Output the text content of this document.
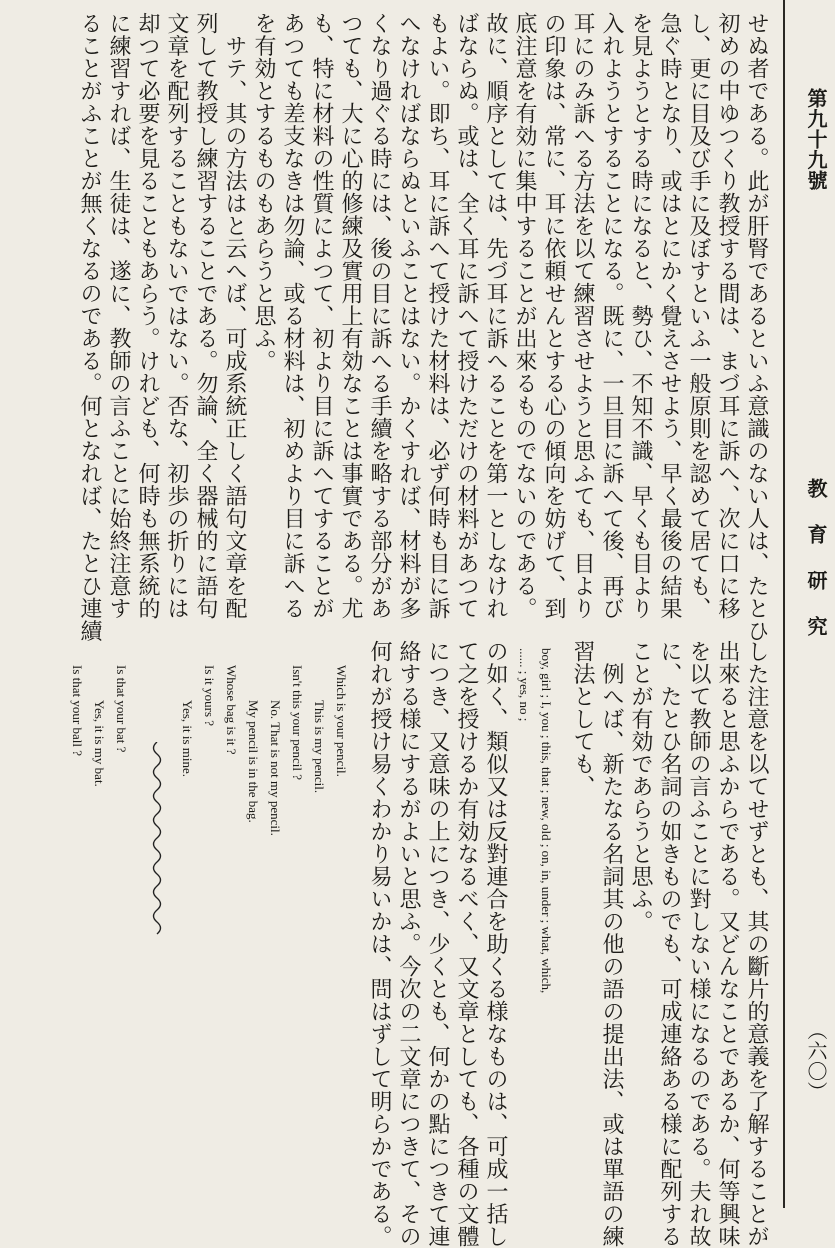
第九十九號
教育研究
（六〇）
せぬ者である。此が肝腎であるといふ意識のない人は、たとひ
初めの中ゆつくり教授する間は、まづ耳に訴へ、次に口に移
し、更に目及び手に及ぼすといふ一般原則を認めて居ても、
急ぐ時となり、或はとにかく覺えさせよう、早く最後の結果
を見ようとする時になると、勢ひ、不知不識、早くも目より
入れようとすることになる。既に、一旦目に訴へて後、再び
耳にのみ訴へる方法を以て練習させようと思ふても、目より
の印象は、常に、耳に依頼せんとする心の傾向を妨げて、到
底注意を有効に集中することが出來るものでないのである。
故に、順序としては、先づ耳に訴へることを第一としなけれ
ばならぬ。或は、全く耳に訴へて授けただけの材料があつて
もよい。即ち、耳に訴へて授けた材料は、必ず何時も目に訴
へなければならぬといふことはない。かくすれば、材料が多
くなり過ぐる時には、後の目に訴へる手續を略する部分があ
つても、大に心的修練及實用上有効なことは事實である。尤
も、特に材料の性質によつて、初より目に訴へてすることが
あつても差支なきは勿論、或る材料は、初めより目に訴へる
を有効とするものもあらうと思ふ。
　サテ、其の方法はと云へば、可成系統正しく語句文章を配
列して教授し練習することである。勿論、全く器械的に語句
文章を配列することもないではない。否な、初歩の折りには
却つて必要を見ることもあらう。けれども、何時も無系統的
に練習すれば、生徒は、遂に、教師の言ふことに始終注意す
ることがふことが無くなるのである。何となれば、たとひ連續
した注意を以てせずとも、其の斷片的意義を了解することが
出來ると思ふからである。又どんなことであるか、何等興味
を以て教師の言ふことに對しない様になるのである。夫れ故
に、たとひ名詞の如きものでも、可成連絡ある様に配列する
ことが有効であらうと思ふ。
　例へば、新たなる名詞其の他の語の提出法、或は單語の練
習法としても、
boy, girl ; I, you ; this, that ; new, old ; on, in, under ; what, which,
...... ; yes, no ;
の如く、類似又は反對連合を助くる様なものは、可成一括し
て之を授けるか有効なるべく、又文章としても、各種の文體
につき、又意味の上につき、少くとも、何かの點につきて連
絡する様にするがよいと思ふ。今次の二文章につきて、その
何れが授け易くわかり易いかは、問はずして明らかである。
Which is your pencil.
This is my pencil.
Isn't this your pencil ?
No. That is not my pencil.
My pencil is in the bag.
Whose bag is it ?
Is it yours ?
Yes, it is mine.
Is that your bat ?
Yes, it is my bat.
Is that your ball ?
